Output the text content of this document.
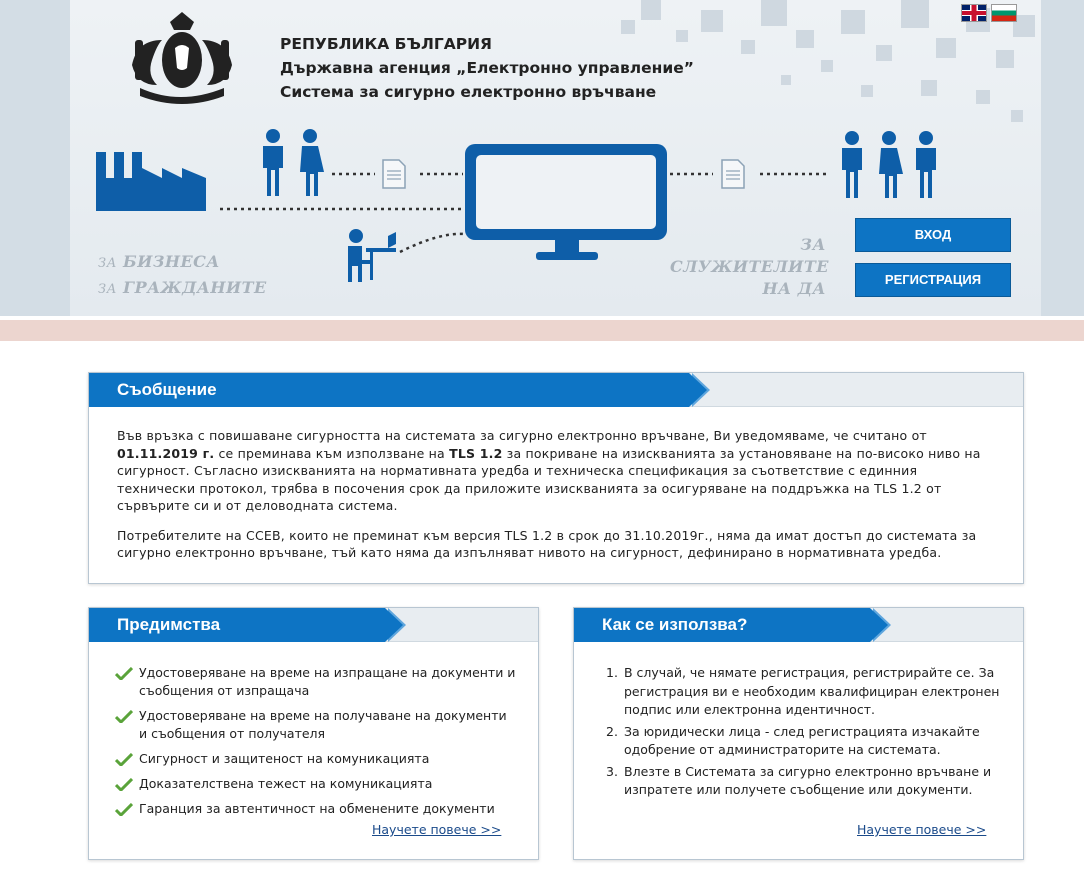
РЕПУБЛИКА БЪЛГАРИЯ
Държавна агенция „Електронно управление”
Система за сигурно електронно връчване
ЗА БИЗНЕСА
ЗА ГРАЖДАНИТЕ
ЗА
СЛУЖИТЕЛИТЕ
НА ДА
ВХОД
РЕГИСТРАЦИЯ
Съобщение

Във връзка с повишаване сигурността на системата за сигурно електронно връчване, Ви уведомяваме, че считано от 01.11.2019 г. се преминава към използване на TLS 1.2 за покриване на изискванията за установяване на по-високо ниво на сигурност. Съгласно изискванията на нормативната уредба и техническа спецификация за съответствие с единния технически протокол, трябва в посочения срок да приложите изискванията за осигуряване на поддръжка на TLS 1.2 от сървърите си и от деловодната система.

Потребителите на ССЕВ, които не преминат към версия TLS 1.2 в срок до 31.10.2019г., няма да имат достъп до системата за сигурно електронно връчване, тъй като няма да изпълняват нивото на сигурност, дефинирано в нормативната уредба.

Предимства
Удостоверяване на време на изпращане на документи и съобщения от изпращача
Удостоверяване на време на получаване на документи и съобщения от получателя
Сигурност и защитеност на комуникацията
Доказателствена тежест на комуникацията
Гаранция за автентичност на обменените документи
Научете повече >>
Как се използва?
1. В случай, че нямате регистрация, регистрирайте се. За регистрация ви е необходим квалифициран електронен подпис или електронна идентичност.
2. За юридически лица - след регистрацията изчакайте одобрение от администраторите на системата.
3. Влезте в Системата за сигурно електронно връчване и изпратете или получете съобщение или документи.
Научете повече >>
